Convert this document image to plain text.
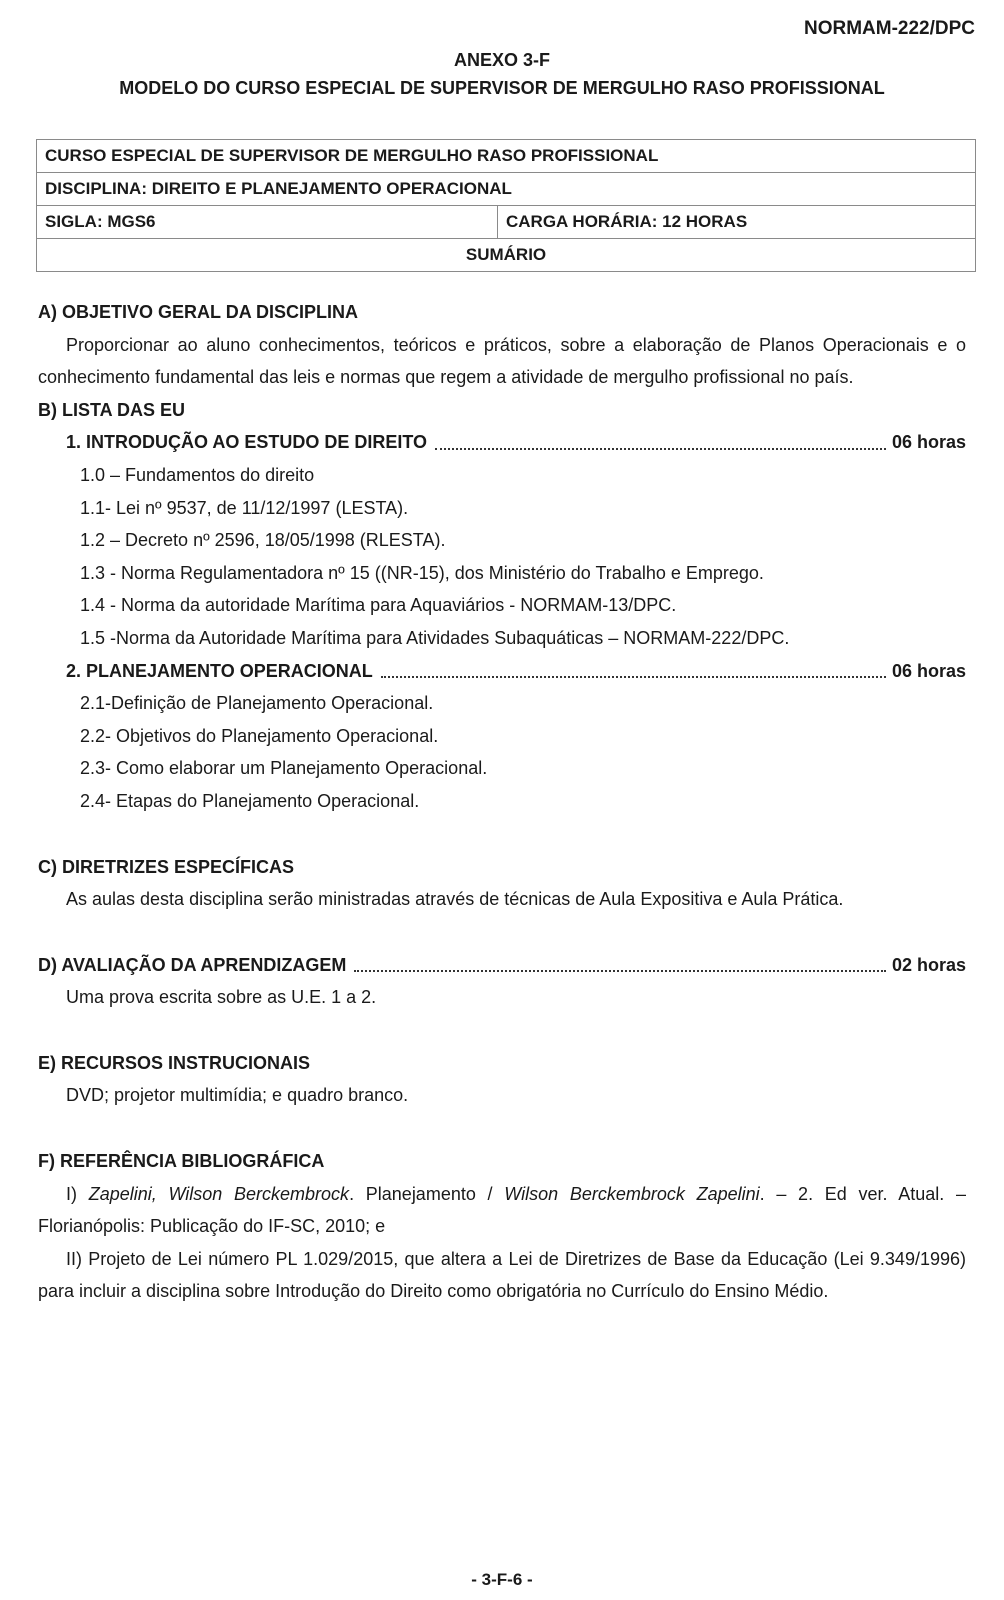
NORMAM-222/DPC
ANEXO 3-F
MODELO DO CURSO ESPECIAL DE SUPERVISOR DE MERGULHO RASO PROFISSIONAL
CURSO ESPECIAL DE SUPERVISOR DE MERGULHO RASO PROFISSIONAL
DISCIPLINA: DIREITO E PLANEJAMENTO OPERACIONAL
SIGLA: MGS6	CARGA HORÁRIA: 12 HORAS
SUMÁRIO
A) OBJETIVO GERAL DA DISCIPLINA
Proporcionar ao aluno conhecimentos, teóricos e práticos, sobre a elaboração de Planos Operacionais e o conhecimento fundamental das leis e normas que regem a atividade de mergulho profissional no país.
B) LISTA DAS EU
1. INTRODUÇÃO AO ESTUDO DE DIREITO	06 horas
1.0 – Fundamentos do direito
1.1- Lei nº 9537, de 11/12/1997 (LESTA).
1.2 – Decreto nº 2596, 18/05/1998 (RLESTA).
1.3 - Norma Regulamentadora nº 15 ((NR-15), dos Ministério do Trabalho e Emprego.
1.4 - Norma da autoridade Marítima para Aquaviários - NORMAM-13/DPC.
1.5 -Norma da Autoridade Marítima para Atividades Subaquáticas – NORMAM-222/DPC.
2. PLANEJAMENTO OPERACIONAL	06 horas
2.1-Definição de Planejamento Operacional.
2.2- Objetivos do Planejamento Operacional.
2.3- Como elaborar um Planejamento Operacional.
2.4- Etapas do Planejamento Operacional.
C) DIRETRIZES ESPECÍFICAS
As aulas desta disciplina serão ministradas através de técnicas de Aula Expositiva e Aula Prática.
D) AVALIAÇÃO DA APRENDIZAGEM	02 horas
Uma prova escrita sobre as U.E. 1 a 2.
E) RECURSOS INSTRUCIONAIS
DVD; projetor multimídia; e quadro branco.
F) REFERÊNCIA BIBLIOGRÁFICA
I) Zapelini, Wilson Berckembrock. Planejamento / Wilson Berckembrock Zapelini. – 2. Ed ver. Atual. – Florianópolis: Publicação do IF-SC, 2010; e
II) Projeto de Lei número PL 1.029/2015, que altera a Lei de Diretrizes de Base da Educação (Lei 9.349/1996) para incluir a disciplina sobre Introdução do Direito como obrigatória no Currículo do Ensino Médio.
- 3-F-6 -
